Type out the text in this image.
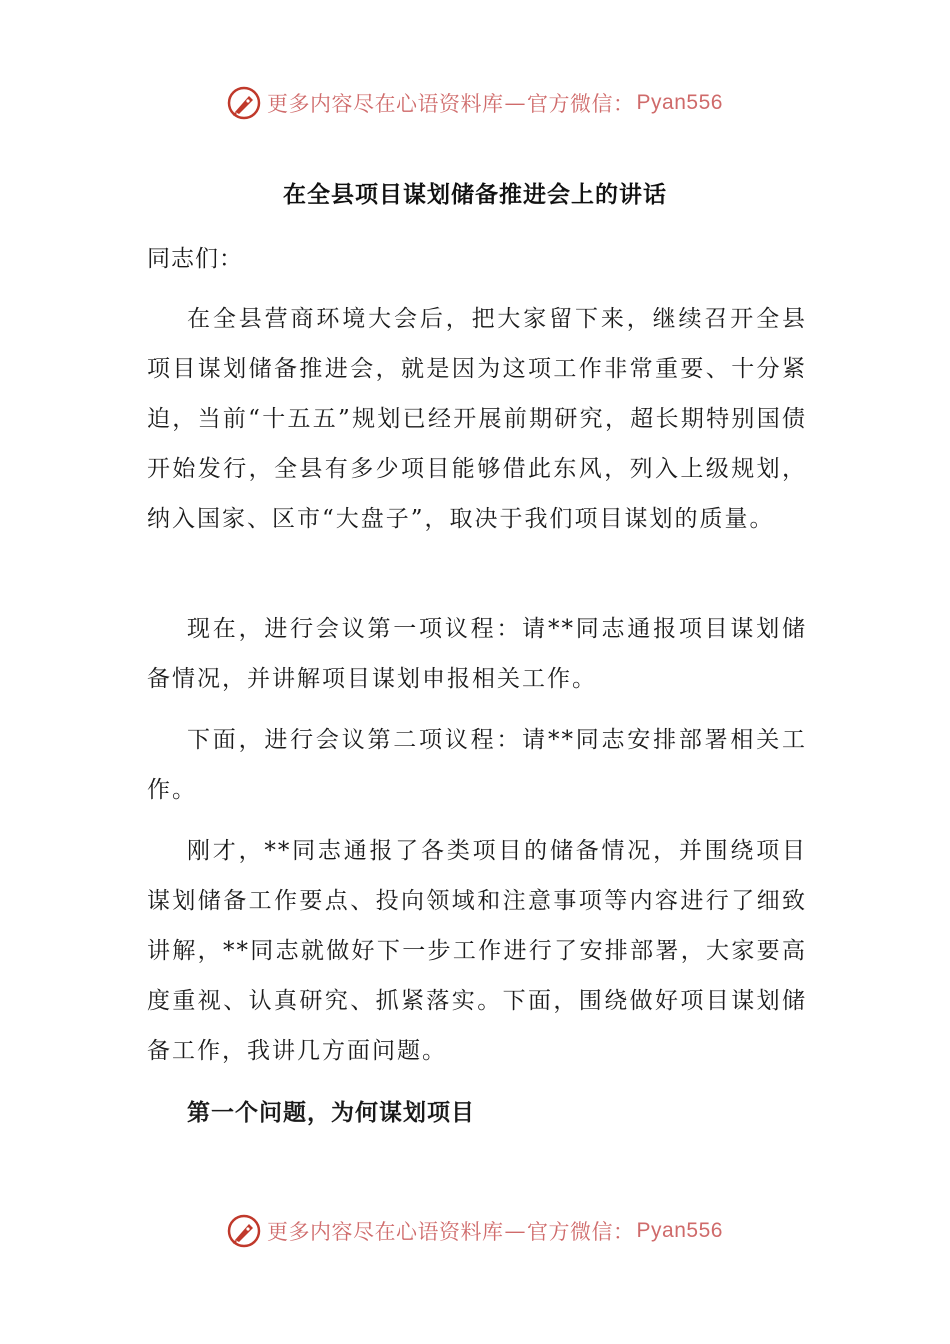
更多内容尽在心语资料库 — 官方微信： Pyan556
在全县项目谋划储备推进会上的讲话
同志们：

在全县营商环境大会后，把大家留下来，继续召开全县项目谋划储备推进会，就是因为这项工作非常重要、十分紧迫，当前“十五五”规划已经开展前期研究，超长期特别国债开始发行，全县有多少项目能够借此东风，列入上级规划，纳入国家、区市“大盘子”，取决于我们项目谋划的质量。

现在，进行会议第一项议程：请**同志通报项目谋划储备情况，并讲解项目谋划申报相关工作。

下面，进行会议第二项议程：请**同志安排部署相关工作。

刚才，**同志通报了各类项目的储备情况，并围绕项目谋划储备工作要点、投向领域和注意事项等内容进行了细致讲解，**同志就做好下一步工作进行了安排部署，大家要高度重视、认真研究、抓紧落实。下面，围绕做好项目谋划储备工作，我讲几方面问题。

第一个问题，为何谋划项目
更多内容尽在心语资料库 — 官方微信： Pyan556
